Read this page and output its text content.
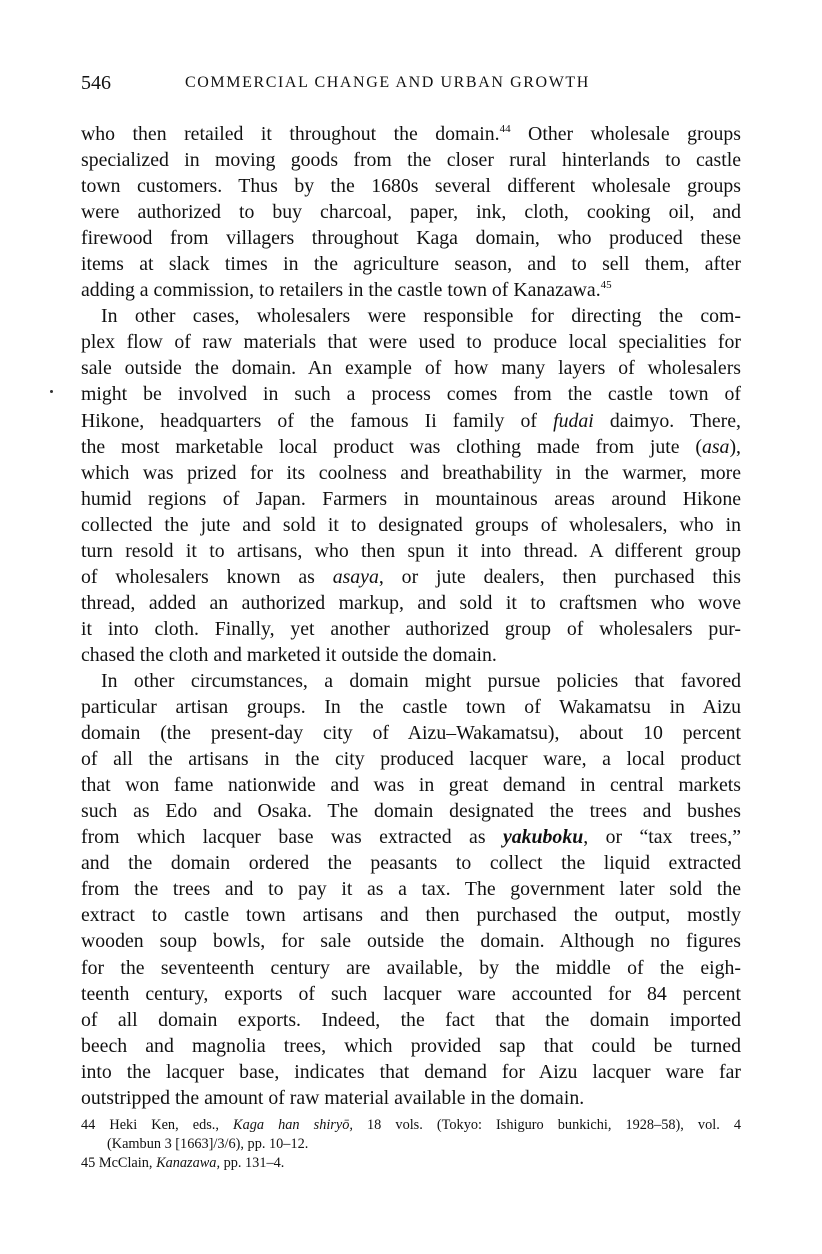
546	COMMERCIAL CHANGE AND URBAN GROWTH
who then retailed it throughout the domain.$^{44}$ Other wholesale groups
specialized in moving goods from the closer rural hinterlands to castle
town customers. Thus by the 1680s several different wholesale groups
were authorized to buy charcoal, paper, ink, cloth, cooking oil, and
firewood from villagers throughout Kaga domain, who produced these
items at slack times in the agriculture season, and to sell them, after
adding a commission, to retailers in the castle town of Kanazawa.$^{45}$
In other cases, wholesalers were responsible for directing the com-
plex flow of raw materials that were used to produce local specialities for
sale outside the domain. An example of how many layers of wholesalers
might be involved in such a process comes from the castle town of
Hikone, headquarters of the famous Ii family of fudai daimyo. There,
the most marketable local product was clothing made from jute (asa),
which was prized for its coolness and breathability in the warmer, more
humid regions of Japan. Farmers in mountainous areas around Hikone
collected the jute and sold it to designated groups of wholesalers, who in
turn resold it to artisans, who then spun it into thread. A different group
of wholesalers known as asaya, or jute dealers, then purchased this
thread, added an authorized markup, and sold it to craftsmen who wove
it into cloth. Finally, yet another authorized group of wholesalers pur-
chased the cloth and marketed it outside the domain.
In other circumstances, a domain might pursue policies that favored
particular artisan groups. In the castle town of Wakamatsu in Aizu
domain (the present-day city of Aizu–Wakamatsu), about 10 percent
of all the artisans in the city produced lacquer ware, a local product
that won fame nationwide and was in great demand in central markets
such as Edo and Osaka. The domain designated the trees and bushes
from which lacquer base was extracted as yakuboku, or “tax trees,”
and the domain ordered the peasants to collect the liquid extracted
from the trees and to pay it as a tax. The government later sold the
extract to castle town artisans and then purchased the output, mostly
wooden soup bowls, for sale outside the domain. Although no figures
for the seventeenth century are available, by the middle of the eigh-
teenth century, exports of such lacquer ware accounted for 84 percent
of all domain exports. Indeed, the fact that the domain imported
beech and magnolia trees, which provided sap that could be turned
into the lacquer base, indicates that demand for Aizu lacquer ware far
outstripped the amount of raw material available in the domain.
44 Heki Ken, eds., Kaga han shiryō, 18 vols. (Tokyo: Ishiguro bunkichi, 1928–58), vol. 4
(Kambun 3 [1663]/3/6), pp. 10–12.
45 McClain, Kanazawa, pp. 131–4.
